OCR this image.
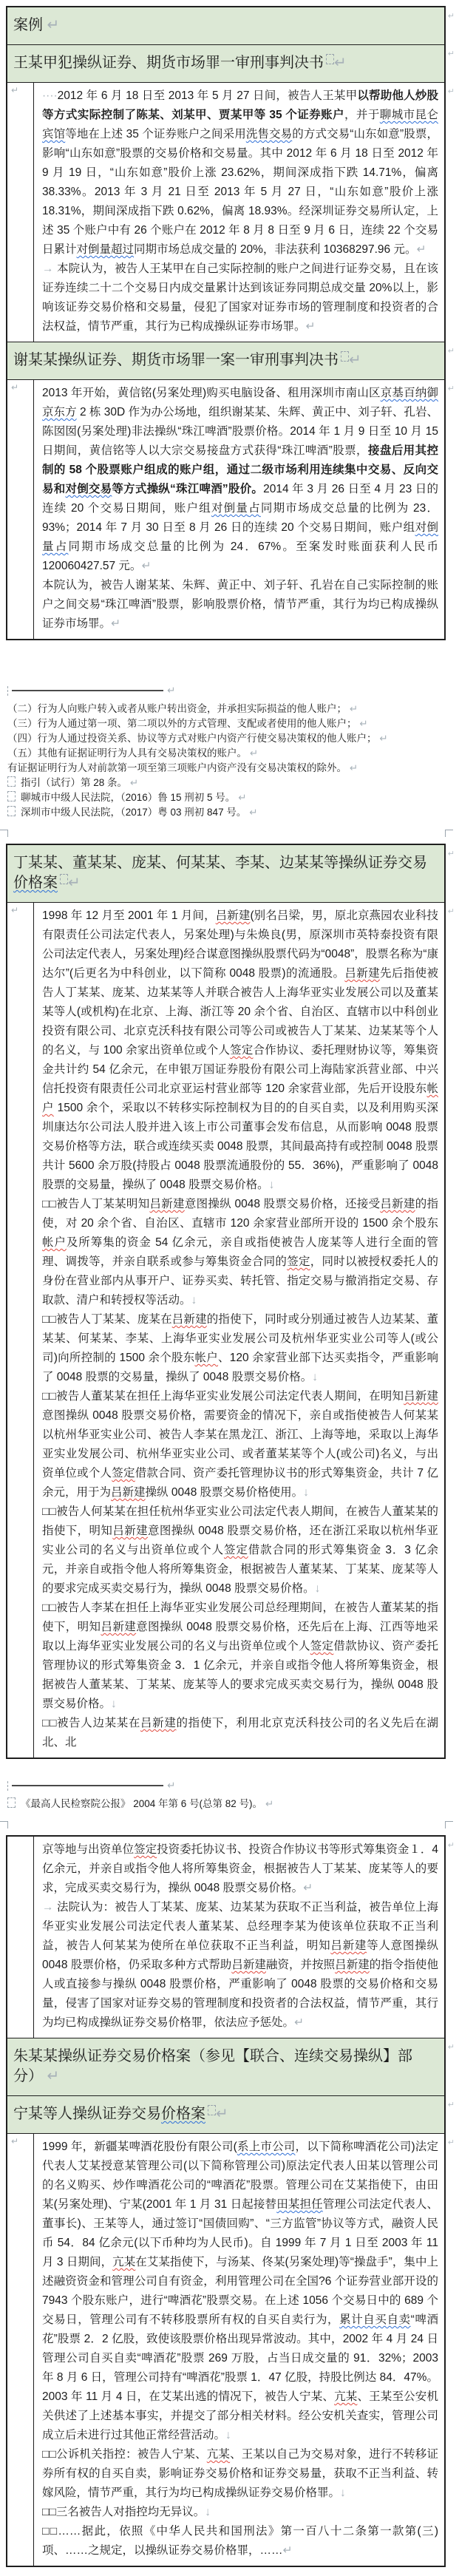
案例 ↵
↵
王某甲犯操纵证券、期货市场罪一审刑事判决书 ↵
↵
↵	····2012 年 6 月 18 日至 2013 年 5 月 27 日间，被告人王某甲以帮助他人炒股等方式实际控制了陈某、刘某甲、贾某甲等 35 个证券账户，并于聊城市昆仑宾馆等地在上述 35 个证券账户之间采用洗售交易的方式交易“山东如意”股票，影响“山东如意”股票的交易价格和交易量。其中 2012 年 6 月 18 日至 2012 年 9 月 19 日，“山东如意”股价上涨 23.62%，期间深成指下跌 14.71%，偏离 38.33%。2013 年 3 月 21 日至 2013 年 5 月 27 日，“山东如意”股价上涨 18.31%，期间深成指下跌 0.62%，偏离 18.93%。经深圳证券交易所认定，上述 35 个账户中有 26 个账户在 2012 年 8 月 8 日至 9 月 6 日，连续 22 个交易日累计对倒量超过同期市场总成交量的 20%，非法获利 10368297.96 元。↵

→ 本院认为，被告人王某甲在自己实际控制的账户之间进行证券交易，且在该证券连续二十二个交易日内成交量累计达到该证券同期总成交量 20%以上，影响该证券交易价格和交易量，侵犯了国家对证券市场的管理制度和投资者的合法权益，情节严重，其行为已构成操纵证券市场罪。↵

↵
谢某某操纵证券、期货市场罪一案一审刑事判决书 ↵
↵
↵	2013 年开始，黄信铭(另案处理)购买电脑设备、租用深圳市南山区京基百纳御京东方 2 栋 30D 作为办公场地，组织谢某某、朱辉、黄正中、刘子轩、孔岩、陈囡囡(另案处理)非法操纵“珠江啤酒”股票价格。2014 年 1 月 9 日至 10 月 15 日期间，黄信铭等人以大宗交易接盘方式获得“珠江啤酒”股票，接盘后用其控制的 58 个股票账户组成的账户组，通过二级市场利用连续集中交易、反向交易和对倒交易等方式操纵“珠江啤酒”股价。2014 年 3 月 26 日至 4 月 23 日的连续 20 个交易日期间，账户组对倒量占同期市场成交总量的比例为 23．93%；2014 年 7 月 30 日至 8 月 26 日的连续 20 个交易日期间，账户组对倒量占同期市场成交总量的比例为 24．67%。至案发时账面获利人民币 120060427.57 元。↵

本院认为，被告人谢某某、朱辉、黄正中、刘子轩、孔岩在自己实际控制的账户之间交易“珠江啤酒”股票，影响股票价格，情节严重，其行为均已构成操纵证券市场罪。↵

↵
↵

（二）行为人向账户转入或者从账户转出资金，并承担实际损益的他人账户； ↵

（三）行为人通过第一项、第二项以外的方式管理、支配或者使用的他人账户； ↵

（四）行为人通过投资关系、协议等方式对账户内资产行使交易决策权的他人账户； ↵

（五）其他有证据证明行为人具有交易决策权的账户。 ↵

有证据证明行为人对前款第一项至第三项账户内资产没有交易决策权的除外。 ↵

指引（试行）第 28 条。 ↵

聊城市中级人民法院，（2016）鲁 15 刑初 5 号。 ↵

深圳市中级人民法院，（2017）粤 03 刑初 847 号。 ↵

丁某某、董某某、庞某、何某某、李某、边某某等操纵证券交易价格案 ↵
↵
↵	1998 年 12 月至 2001 年 1 月间，吕新建(别名吕梁，男，原北京燕园农业科技有限责任公司法定代表人，另案处理)与朱焕良(男，原深圳市英特泰投资有限公司法定代表人，另案处理)经合谋意图操纵股票代码为“0048”，股票名称为“康达尔”(后更名为中科创业，以下简称 0048 股票)的流通股。吕新建先后指使被告人丁某某、庞某、边某某等人并联合被告人上海华亚实业发展公司以及董某某等人(或机构)在北京、上海、浙江等 20 余个省、自治区、直辖市以中科创业投资有限公司、北京克沃科技有限公司等公司或被告人丁某某、边某某等个人的名义，与 100 余家出资单位或个人签定合作协议、委托理财协议等，筹集资金共计约 54 亿余元，在申银万国证券股份有限公司上海陆家浜营业部、中兴信托投资有限责任公司北京亚运村营业部等 120 余家营业部，先后开设股东帐户 1500 余个，采取以不转移实际控制权为目的的自买自卖，以及利用购买深圳康达尔公司法人股并进入该上市公司董事会发布信息，从而影响 0048 股票交易价格等方法，联合或连续买卖 0048 股票，其间最高持有或控制 0048 股票共计 5600 余万股(持股占 0048 股票流通股份的 55．36%)，严重影响了 0048 股票的交易量，操纵了 0048 股票交易价格。↓

□□被告人丁某某明知吕新建意图操纵 0048 股票交易价格，还接受吕新建的指使，对 20 余个省、自治区、直辖市 120 余家营业部所开设的 1500 余个股东帐户及所筹集的资金 54 亿余元，亲自或指使被告人庞某等人进行全面的管理、调拨等，并亲自联系或参与筹集资金合同的签定，同时以被授权委托人的身份在营业部内从事开户、证券买卖、转托管、指定交易与撤消指定交易、存取款、清户和转授权等活动。↓

□□被告人丁某某、庞某在吕新建的指使下，同时或分别通过被告人边某某、董某某、何某某、李某、上海华亚实业发展公司及杭州华亚实业公司等人(或公司)向所控制的 1500 余个股东帐户、120 余家营业部下达买卖指令，严重影响了 0048 股票的交易量，操纵了 0048 股票交易价格。↓

□□被告人董某某在担任上海华亚实业发展公司法定代表人期间，在明知吕新建意图操纵 0048 股票交易价格，需要资金的情况下，亲自或指使被告人何某某以杭州华亚实业公司、被告人李某在黑龙江、浙江、上海等地，采取以上海华亚实业发展公司、杭州华亚实业公司、或者董某某等个人(或公司)名义，与出资单位或个人签定借款合同、资产委托管理协议书的形式筹集资金，共计 7 亿余元，用于为吕新建操纵 0048 股票交易价格使用。↓

□□被告人何某某在担任杭州华亚实业公司法定代表人期间，在被告人董某某的指使下，明知吕新建意图操纵 0048 股票交易价格，还在浙江采取以杭州华亚实业公司的名义与出资单位或个人签定借款合同的形式筹集资金 3．3 亿余元，并亲自或指令他人将所筹集资金，根据被告人董某某、丁某某、庞某等人的要求完成买卖交易行为，操纵 0048 股票交易价格。↓

□□被告人李某在担任上海华亚实业发展公司总经理期间，在被告人董某某的指使下，明知吕新建意图操纵 0048 股票交易价格，还先后在上海、江西等地采取以上海华亚实业发展公司的名义与出资单位或个人签定借款协议、资产委托管理协议的形式筹集资金 3．1 亿余元，并亲自或指令他人将所筹集资金，根据被告人董某某、丁某某、庞某等人的要求完成买卖交易行为，操纵 0048 股票交易价格。↓

□□被告人边某某在吕新建的指使下，利用北京克沃科技公司的名义先后在湖北、北

↵
↵

《最高人民检察院公报》 2004 年第 6 号(总第 82 号)。 ↵

京等地与出资单位签定投资委托协议书、投资合作协议书等形式筹集资金１．4 亿余元，并亲自或指令他人将所筹集资金，根据被告人丁某某、庞某等人的要求，完成买卖交易行为，操纵 0048 股票交易价格。↵

→ 法院认为：被告人丁某某、庞某、边某某为获取不正当利益，被告单位上海华亚实业发展公司法定代表人董某某、总经理李某为使该单位获取不正当利益，被告人何某某为使所在单位获取不正当利益，明知吕新建等人意图操纵 0048 股票价格，仍采取多种方式帮助吕新建融资，并按照吕新建的指令指使他人或直接参与操纵 0048 股票价格，严重影响了 0048 股票的交易价格和交易量，侵害了国家对证券交易的管理制度和投资者的合法权益，情节严重，其行为均已构成操纵证券交易价格罪，依法应予惩处。↵

↵
朱某某操纵证券交易价格案（参见【联合、连续交易操纵】部分） ↵
↵
宁某等人操纵证券交易价格案 ↵
↵
↵	1999 年，新疆某啤酒花股份有限公司(系上市公司，以下简称啤酒花公司)法定代表人艾某授意某管理公司(以下简称管理公司)原法定代表人田某以管理公司的名义购买、炒作啤酒花公司的“啤酒花”股票。管理公司在艾某指使下，由田某(另案处理)、宁某(2001 年 1 月 31 日起接替田某担任管理公司法定代表人、董事长)、王某等人，通过签订“国债回购”、“三方监管”协议等方式，融资人民币 54．84 亿余元(以下币种均为人民币)。自 1999 年 7 月 1 日至 2003 年 11 月 3 日期间，亢某在艾某指使下，与汤某、佟某(另案处理)等“操盘手”，集中上述融资资金和管理公司自有资金，利用管理公司在全国?6 个证券营业部开设的 7943 个股东账户，进行“啤酒花”股票交易。在上述 1056 个交易日中的 689 个交易日，管理公司有不转移股票所有权的自买自卖行为，累计自买自卖“啤酒花”股票 2．2 亿股，致使该股票价格出现异常波动。其中，2002 年 4 月 24 日管理公司自买自卖“啤酒花”股票 269 万股，占当日成交量的 91．32%；2003 年 8 月 6 日，管理公司持有“啤酒花”股票 1．47 亿股，持股比例达 84．47%。2003 年 11 月 4 日，在艾某出逃的情况下，被告人宁某、亢某、王某至公安机关供述了上述基本事实，并提交了部分相关材料。经公安机关查实，管理公司成立后未进行过其他正常经营活动。↓

□□公诉机关指控：被告人宁某、亢某、王某以自己为交易对象，进行不转移证券所有权的自买自卖，影响证券交易价格和证券交易量，获取不正当利益、转嫁风险，情节严重，其行为均已构成操纵证券交易价格罪。↓

□□三名被告人对指控均无异议。↓

□□……据此，依照《中华人民共和国刑法》第一百八十二条第一款第(三)项、……之规定，以操纵证券交易价格罪，……↵

↵
